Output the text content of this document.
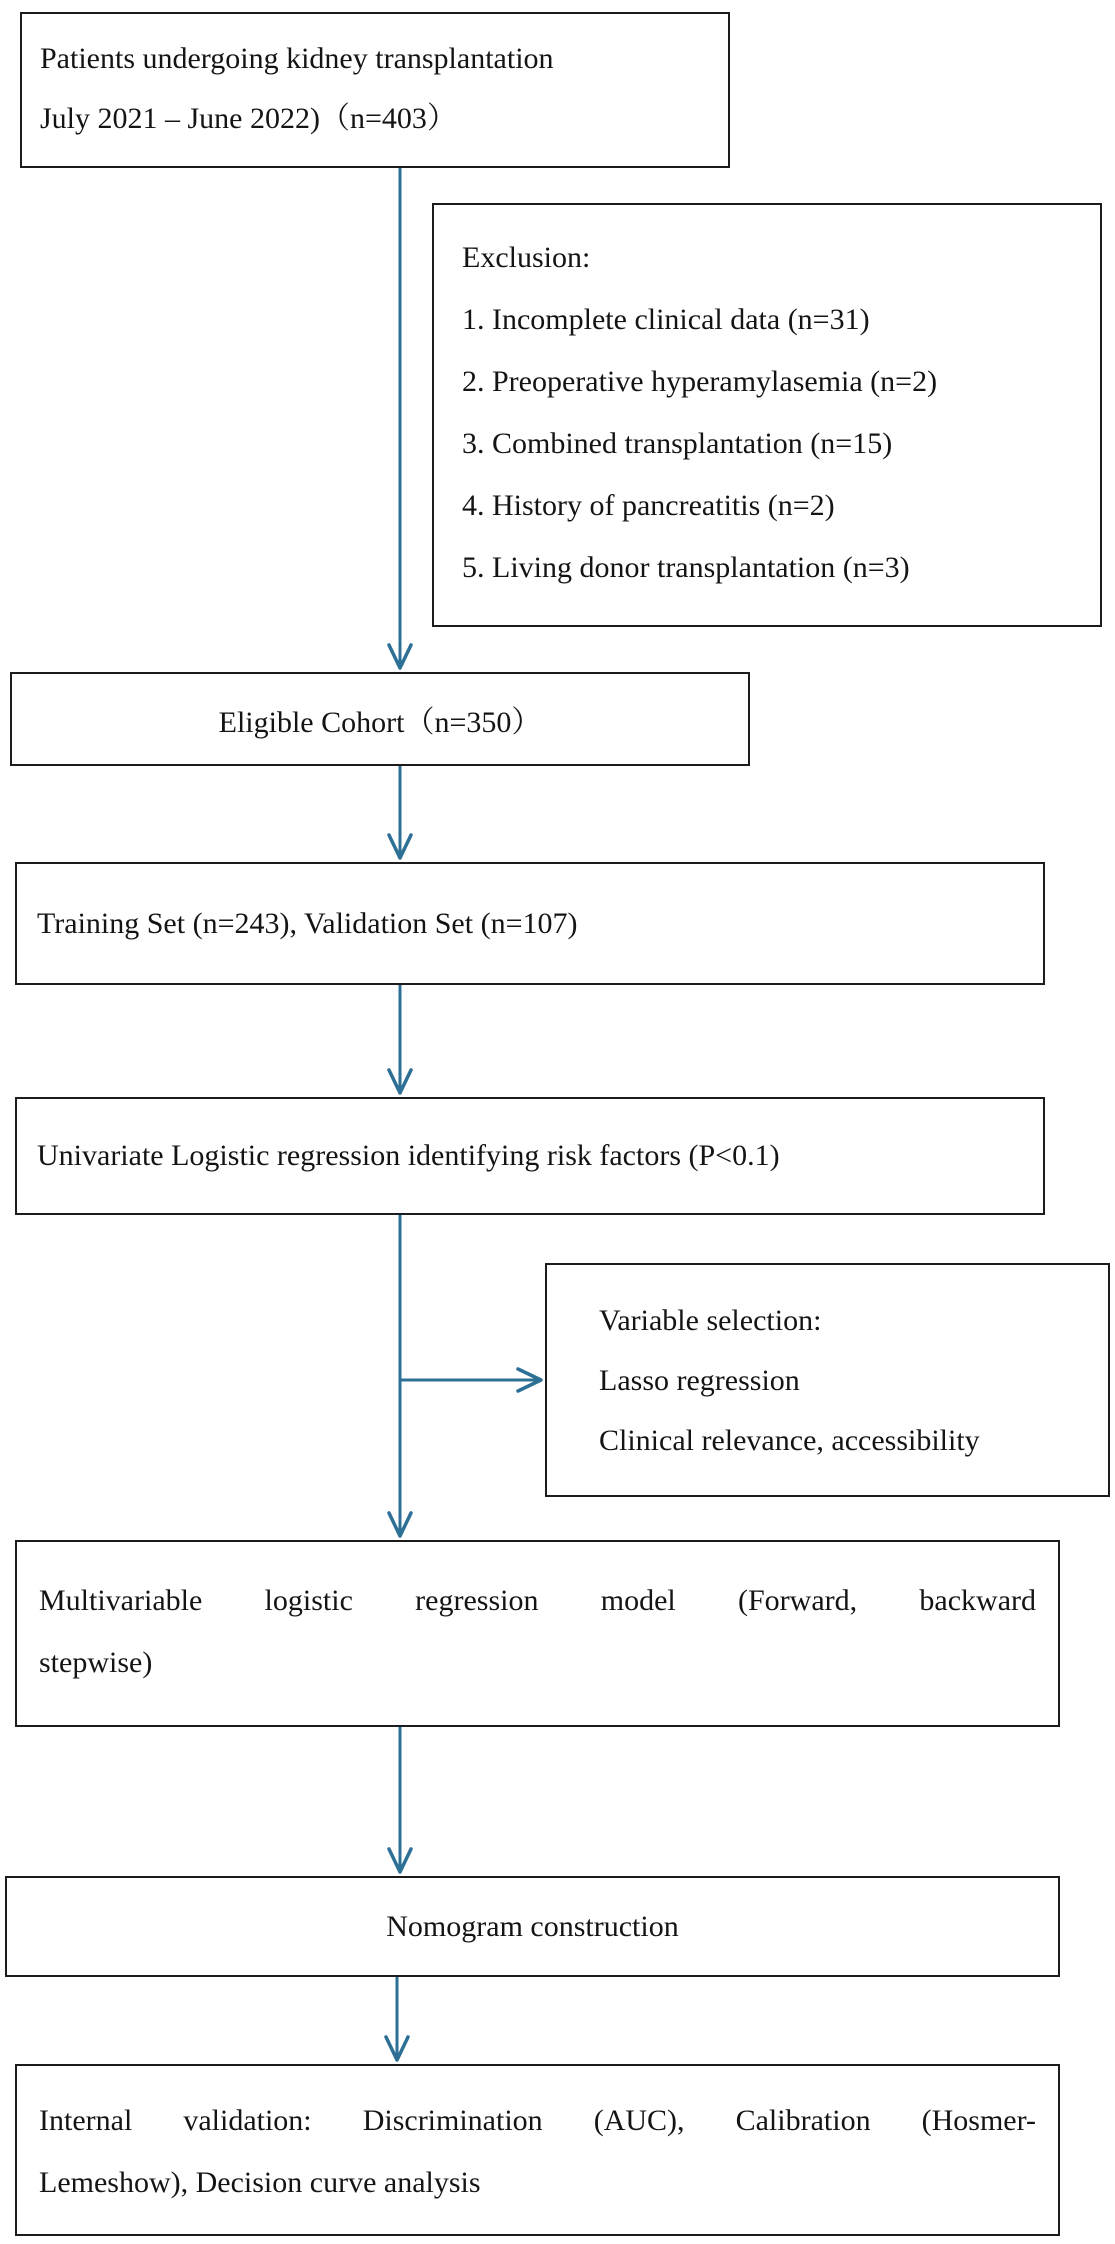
Patients undergoing kidney transplantation
July 2021 – June 2022)（n=403）
Exclusion:
1. Incomplete clinical data (n=31)
2. Preoperative hyperamylasemia (n=2)
3. Combined transplantation (n=15)
4. History of pancreatitis (n=2)
5. Living donor transplantation (n=3)
Eligible Cohort（n=350）
Training Set (n=243), Validation Set (n=107)
Univariate Logistic regression identifying risk factors (P<0.1)
Variable selection:
Lasso regression
Clinical relevance, accessibility
Multivariable logistic regression model (Forward, backward
stepwise)
Nomogram construction
Internal validation: Discrimination (AUC), Calibration (Hosmer-
Lemeshow), Decision curve analysis
